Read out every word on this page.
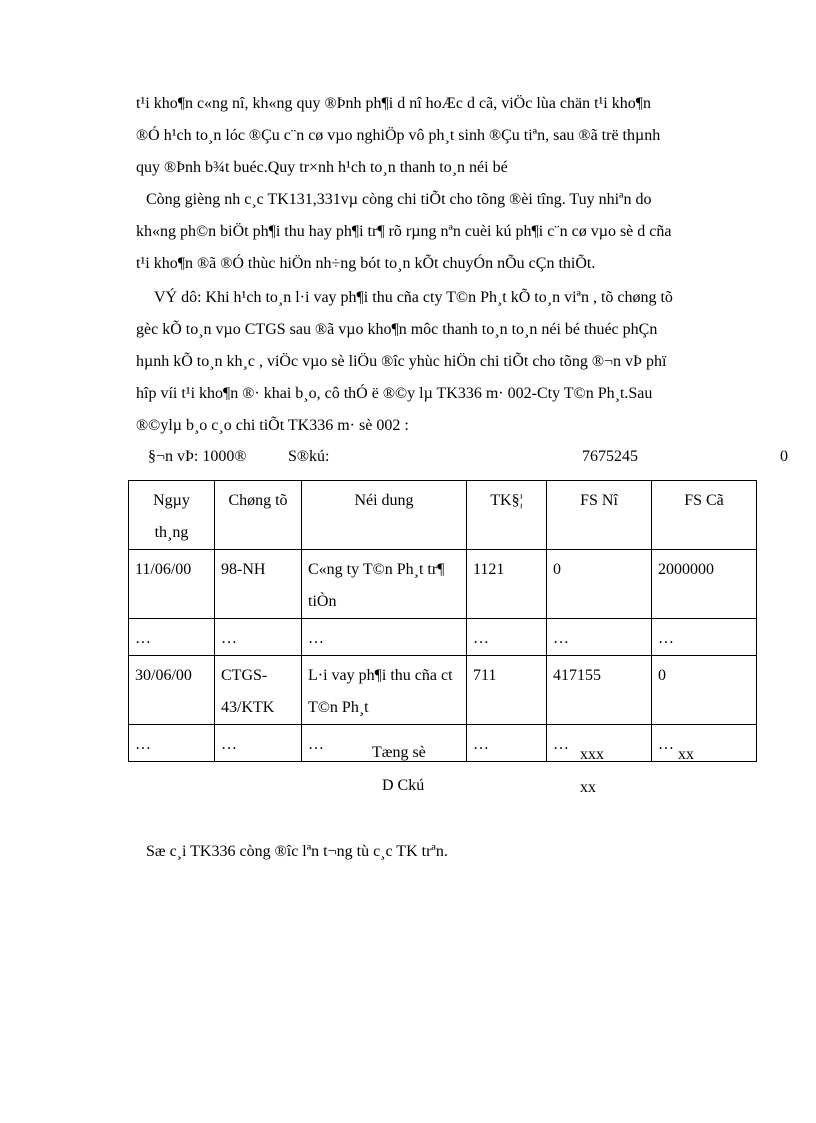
t¹i kho¶n c«ng nî, kh«ng quy ®Þnh ph¶i d nî hoÆc d cã, viÖc lùa chän t¹i kho¶n
®Ó h¹ch to¸n lóc ®Çu c¨n cø vµo nghiÖp vô ph¸t sinh ®Çu tiªn, sau ®ã trë thµnh
quy ®Þnh b¾t buéc.Quy tr×nh h¹ch to¸n thanh to¸n néi bé
Còng gièng nh c¸c TK131,331vµ còng chi tiÕt cho tõng ®èi tîng. Tuy nhiªn do
kh«ng ph©n biÖt ph¶i thu hay ph¶i tr¶ rõ rµng nªn cuèi kú ph¶i c¨n cø vµo sè d cña
t¹i kho¶n ®ã ®Ó thùc hiÖn nh÷ng bót to¸n kÕt chuyÓn nÕu cÇn thiÕt.
VÝ dô: Khi h¹ch to¸n l·i vay ph¶i thu cña cty T©n Ph¸t kÕ to¸n viªn , tõ chøng tõ
gèc kÕ to¸n vµo CTGS sau ®ã vµo kho¶n môc thanh to¸n to¸n néi bé thuéc phÇn
hµnh kÕ to¸n kh¸c , viÖc vµo sè liÖu ®îc yhùc hiÖn chi tiÕt cho tõng ®¬n vÞ phï
hîp víi t¹i kho¶n ®· khai b¸o, cô thÓ ë ®©y lµ TK336 m· 002-Cty T©n Ph¸t.Sau
®©ylµ b¸o c¸o chi tiÕt TK336 m· sè 002 :
§¬n vÞ: 1000®	S®kú:	7675245	0
Ngµy th¸ng	Chøng tõ	Néi dung	TK§¦	FS Nî	FS Cã
11/06/00	98-NH	C«ng ty T©n Ph¸t tr¶ tiÒn	1121	0	2000000
…	…	…	…	…	…
30/06/00	CTGS-43/KTK	L·i vay ph¶i thu cña ct T©n Ph¸t	711	417155	0
…	…	…	…	…	…
Tæng sè	xxx	xx
D Ckú	xx
Sæ c¸i TK336 còng ®îc lªn t¬ng tù c¸c TK trªn.
